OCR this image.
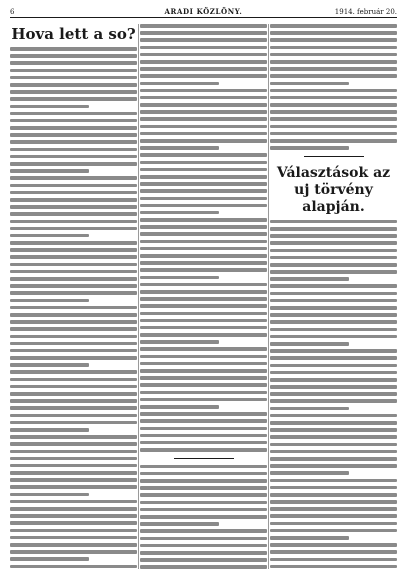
6	ARADI KÖZLÖNY.	1914. február 20.
Hova lett a so?
Választások az uj törvény alapján.
